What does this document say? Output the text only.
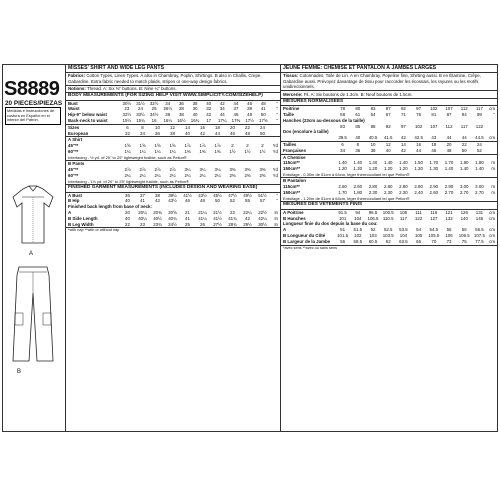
S8889
20 PIECES/PIEZAS
Medidas e instrucciones de costura en Español en el interior del Patrón.
A
B
MISSES' SHIRT AND WIDE LEG PANTS
Fabrics: Cotton Types, Linen Types. A also in Chambray, Poplin, Shirtings. B also in Challis, Crepe, Gabardine. Extra fabric needed to match plaids, stripes or one-way design fabrics.
Notions: Thread. A: Six ⅜" buttons. B: Nine ¼" buttons.
BODY MEASUREMENTS (FOR SIZING HELP VISIT WWW.SIMPLICITY.COM/SIZEHELP)
Bust	30½	31½	32½	34	36	38	40	42	44	46	48	"
Waist	23	24	25	26½	28	30	32	34	37	39	41	"
Hip-9" below waist	32½	33½	34½	36	38	40	42	44	46	48	50	"
Back-neck to waist	15½	15¾	16	16¼	16½	16¾	17	17¼	17⅜	17½	17⅝	"
Sizes	6	8	10	12	14	16	18	20	22	24
European	32	34	36	38	40	42	44	46	48	50
A Shirt
45"**	1⅝	1⅝	1⅝	1⅝	1⅞	1⅞	1⅞	2	2	2	Yd
60"**	1¼	1¼	1¼	1¼	1⅜	1⅜	1⅜	1½	1½	1½	Yd
Interfacing - ½ yd. of 20" to 25" lightweight fusible, such as Pellon®
B Pants
45"**	2⅞	2⅞	2⅞	2⅞	3¼	3¼	3¼	3⅜	3⅜	3⅜	Yd
60"**	2¼	2¼	2¼	2¼	2¼	2¼	2¼	2⅜	2⅜	2⅜	Yd
Interfacing - 1⅛ yd. of 20" to 25" lightweight fusible, such as Pellon®
FINISHED GARMENT MEASUREMENTS (INCLUDES DESIGN AND WEARING EASE)
A Bust	36	37	38	39½	41½	43½	45½	47½	49½	51½	"
B Hip	40	41	42	43½	46	48	50	52	55	57	"
Finished back length from base of neck:
A	20	20¼	20⅜	20⅝	21	21¼	21½	22	22¼	22½	In
B Side Length	40	40¼	40½	40¾	41	41¼	41½	41¾	42	42¼	In
B Leg Width	22	23	23¾	24½	25	26	27½	28¾	29½	30½	In
*with nap **with or without nap
JEUNE FEMME: CHEMISE ET PANTALON À JAMBES LARGES
Tissus: Cotonnades, Toile de Lin. A en Chambray, Popeline fine, Shirting aussi. B en Étamine, Crêpe, Gabardine aussi. Prévoyez davantage de tissu pour raccorder les écossais, les rayures ou les motifs unidirectionnels.
Mercerie: Fil. A: Six boutons de 1.3cm. B: Neuf boutons de 1.5cm.
MESURES NORMALISÉES
Poitrine	78	80	83	87	92	97	102	107	112	117	cm
Taille	58	61	64	67	71	76	81	87	94	99	"
Hanches (23cm au-dessous de la taille)
83	85	88	92	97	102	107	112	117	122
Dos (encolure à taille)
39.5	40	40.5	41.5	42	42.5	43	44	44	44.5	cm
Tailles	6	8	10	12	14	16	18	20	22	24
Françaises	34	36	38	40	42	44	46	48	50	52
A Chemise
115cm**	1.40	1.40	1.40	1.40	1.40	1.50	1.70	1.70	1.80	1.80	m
150cm**	1.20	1.20	1.20	1.20	1.20	1.30	1.30	1.40	1.40	1.40	m
Entoilage - 0.30m de 51cm à 64cm, léger thermocollant tel que Pellon®
B Pantalon
115cm**	2.60	2.60	2.80	2.80	2.80	2.90	2.90	2.90	3.00	3.00	m
150cm**	1.70	1.80	2.30	2.30	2.30	2.40	2.60	2.70	2.70	2.70	m
Entoilage - 1.20m de 51cm à 64cm, léger thermocollant tel que Pellon®
MESURES DES VÊTEMENTS FINIS
A Poitrine	91.5	94	96.5	100.5	106	111	116	121	126	131	cm
B Hanches	101	104	106.5 110.5	117	122	127	132	140	145	cm
Longueur finie du dos depuis la base du cou:
A	51	51.5	52	52.5	53.5	54	54.5	55	56	56.5	cm
B Longueur du Côté	101.5	102	103	103.5	104	105	105.5	106	106.5 107.5 cm
B Largeur de la Jambe	56	58.5	60.5	62	63.5	66	70	73	75	77.5	cm
*avec sens **avec ou sans sens
